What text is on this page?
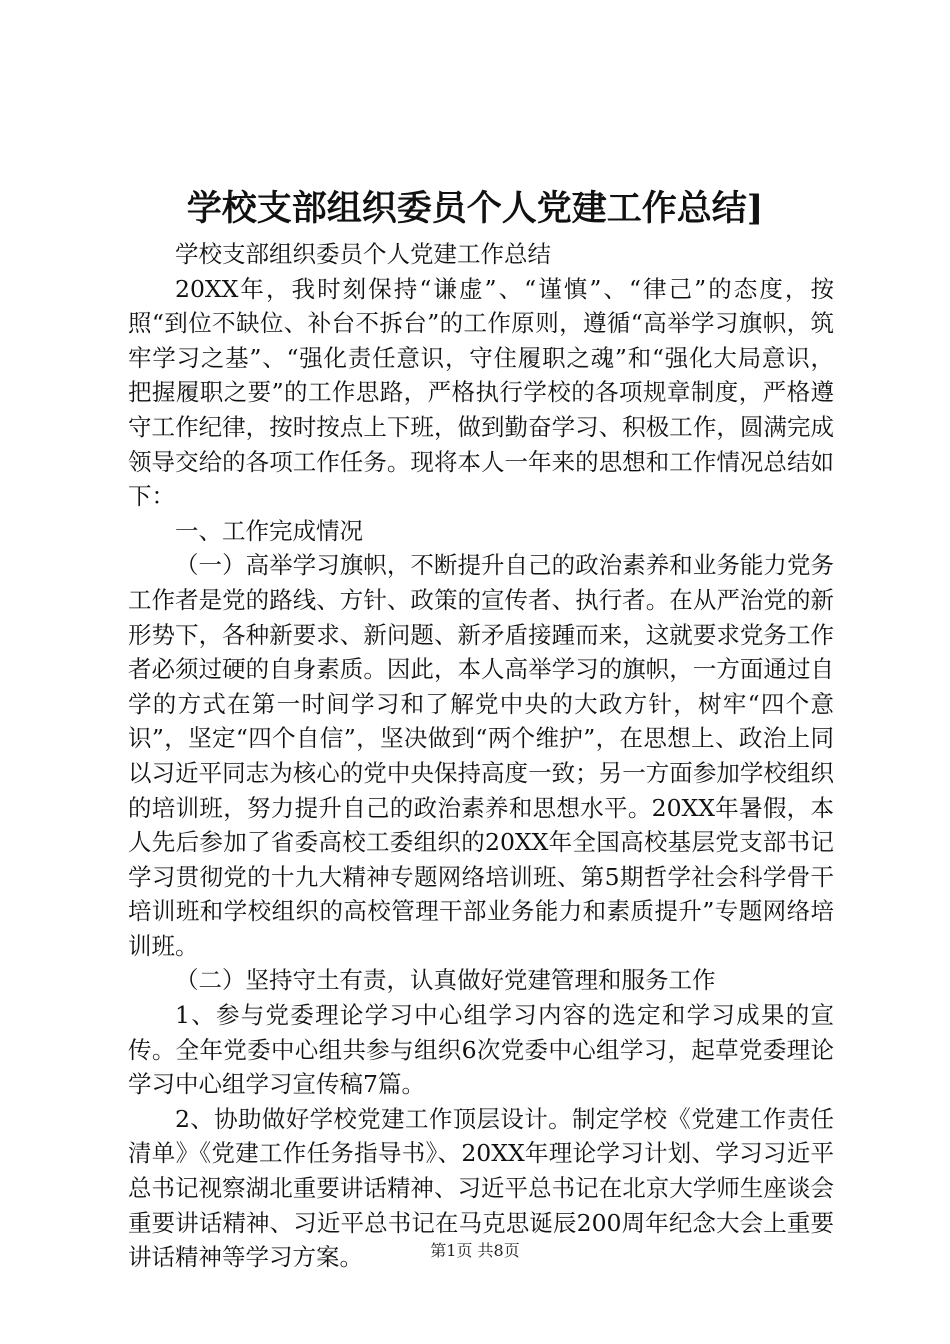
学校支部组织委员个人党建工作总结]

学校支部组织委员个人党建工作总结

20XX年，我时刻保持“谦虚”、“谨慎”、“律己”的态度，按照“到位不缺位、补台不拆台”的工作原则，遵循“高举学习旗帜，筑牢学习之基”、“强化责任意识，守住履职之魂”和“强化大局意识，把握履职之要”的工作思路，严格执行学校的各项规章制度，严格遵守工作纪律，按时按点上下班，做到勤奋学习、积极工作，圆满完成领导交给的各项工作任务。现将本人一年来的思想和工作情况总结如下：

一、工作完成情况

（一）高举学习旗帜，不断提升自己的政治素养和业务能力党务工作者是党的路线、方针、政策的宣传者、执行者。在从严治党的新形势下，各种新要求、新问题、新矛盾接踵而来，这就要求党务工作者必须过硬的自身素质。因此，本人高举学习的旗帜，一方面通过自学的方式在第一时间学习和了解党中央的大政方针，树牢“四个意识”，坚定“四个自信”，坚决做到“两个维护”，在思想上、政治上同以习近平同志为核心的党中央保持高度一致；另一方面参加学校组织的培训班，努力提升自己的政治素养和思想水平。20XX年暑假，本人先后参加了省委高校工委组织的20XX年全国高校基层党支部书记学习贯彻党的十九大精神专题网络培训班、第5期哲学社会科学骨干培训班和学校组织的高校管理干部业务能力和素质提升”专题网络培训班。

（二）坚持守土有责，认真做好党建管理和服务工作

1、参与党委理论学习中心组学习内容的选定和学习成果的宣传。全年党委中心组共参与组织6次党委中心组学习，起草党委理论学习中心组学习宣传稿7篇。

2、协助做好学校党建工作顶层设计。制定学校《党建工作责任清单》《党建工作任务指导书》、20XX年理论学习计划、学习习近平总书记视察湖北重要讲话精神、习近平总书记在北京大学师生座谈会重要讲话精神、习近平总书记在马克思诞辰200周年纪念大会上重要讲话精神等学习方案。	第1页 共8页
